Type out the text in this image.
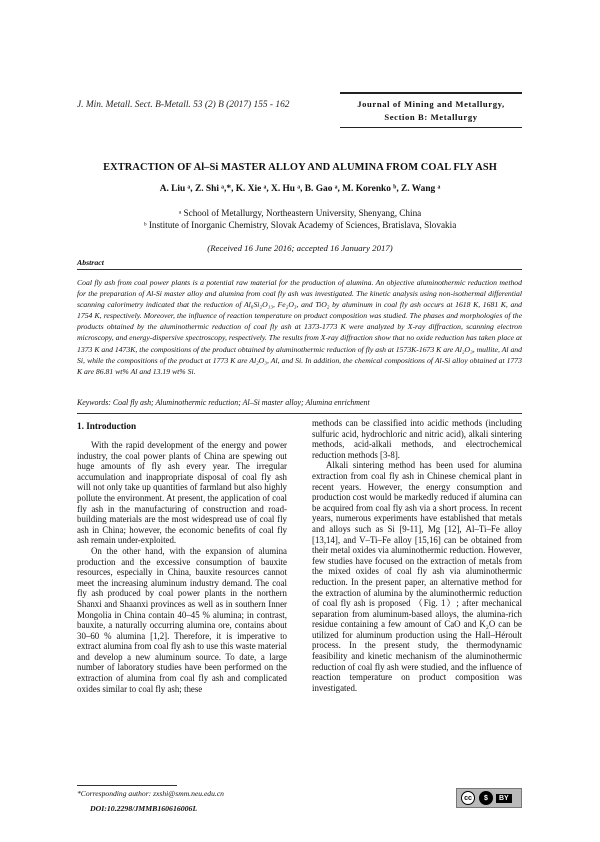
J. Min. Metall. Sect. B-Metall. 53 (2) B (2017) 155 - 162	Journal of Mining and Metallurgy,
Section B: Metallurgy
EXTRACTION OF Al–Si MASTER ALLOY AND ALUMINA FROM COAL FLY ASH
A. Liu ᵃ, Z. Shi ᵃ,*, K. Xie ᵃ, X. Hu ᵃ, B. Gao ᵃ, M. Korenko ᵇ, Z. Wang ᵃ
ᵃ School of Metallurgy, Northeastern University, Shenyang, China
ᵇ Institute of Inorganic Chemistry, Slovak Academy of Sciences, Bratislava, Slovakia
(Received 16 June 2016; accepted 16 January 2017)
Abstract
Coal fly ash from coal power plants is a potential raw material for the production of alumina. An objective aluminothermic reduction method for the preparation of Al-Si master alloy and alumina from coal fly ash was investigated. The kinetic analysis using non-isothermal differential scanning calorimetry indicated that the reduction of Al₆Si₂O₁₃, Fe₂O₃, and TiO₂ by aluminum in coal fly ash occurs at 1618 K, 1681 K, and 1754 K, respectively. Moreover, the influence of reaction temperature on product composition was studied. The phases and morphologies of the products obtained by the aluminothermic reduction of coal fly ash at 1373-1773 K were analyzed by X-ray diffraction, scanning electron microscopy, and energy-dispersive spectroscopy, respectively. The results from X-ray diffraction show that no oxide reduction has taken place at 1373 K and 1473K, the compositions of the product obtained by aluminothermic reduction of fly ash at 1573K-1673 K are Al₂O₃, mullite, Al and Si, while the compositions of the product at 1773 K are Al₂O₃, Al, and Si. In addition, the chemical compositions of Al-Si alloy obtained at 1773 K are 86.81 wt% Al and 13.19 wt% Si.
Keywords: Coal fly ash; Aluminothermic reduction; Al–Si master alloy; Alumina enrichment
1. Introduction

With the rapid development of the energy and power industry, the coal power plants of China are spewing out huge amounts of fly ash every year. The irregular accumulation and inappropriate disposal of coal fly ash will not only take up quantities of farmland but also highly pollute the environment. At present, the application of coal fly ash in the manufacturing of construction and road-building materials are the most widespread use of coal fly ash in China; however, the economic benefits of coal fly ash remain under-exploited.

On the other hand, with the expansion of alumina production and the excessive consumption of bauxite resources, especially in China, bauxite resources cannot meet the increasing aluminum industry demand. The coal fly ash produced by coal power plants in the northern Shanxi and Shaanxi provinces as well as in southern Inner Mongolia in China contain 40–45 % alumina; in contrast, bauxite, a naturally occurring alumina ore, contains about 30–60 % alumina [1,2]. Therefore, it is imperative to extract alumina from coal fly ash to use this waste material and develop a new aluminum source. To date, a large number of laboratory studies have been performed on the extraction of alumina from coal fly ash and complicated oxides similar to coal fly ash; these

methods can be classified into acidic methods (including sulfuric acid, hydrochloric and nitric acid), alkali sintering methods, acid-alkali methods, and electrochemical reduction methods [3-8].

Alkali sintering method has been used for alumina extraction from coal fly ash in Chinese chemical plant in recent years. However, the energy consumption and production cost would be markedly reduced if alumina can be acquired from coal fly ash via a short process. In recent years, numerous experiments have established that metals and alloys such as Si [9-11], Mg [12], Al–Ti–Fe alloy [13,14], and V–Ti–Fe alloy [15,16] can be obtained from their metal oxides via aluminothermic reduction. However, few studies have focused on the extraction of metals from the mixed oxides of coal fly ash via aluminothermic reduction. In the present paper, an alternative method for the extraction of alumina by the aluminothermic reduction of coal fly ash is proposed （Fig. 1）; after mechanical separation from aluminum-based alloys, the alumina-rich residue containing a few amount of CaO and K₂O can be utilized for aluminum production using the Hall–Héroult process. In the present study, the thermodynamic feasibility and kinetic mechanism of the aluminothermic reduction of coal fly ash were studied, and the influence of reaction temperature on product composition was investigated.

*Corresponding author: zxshi@smm.neu.edu.cn
DOI:10.2298/JMMB160616006L
cc	$	BY
